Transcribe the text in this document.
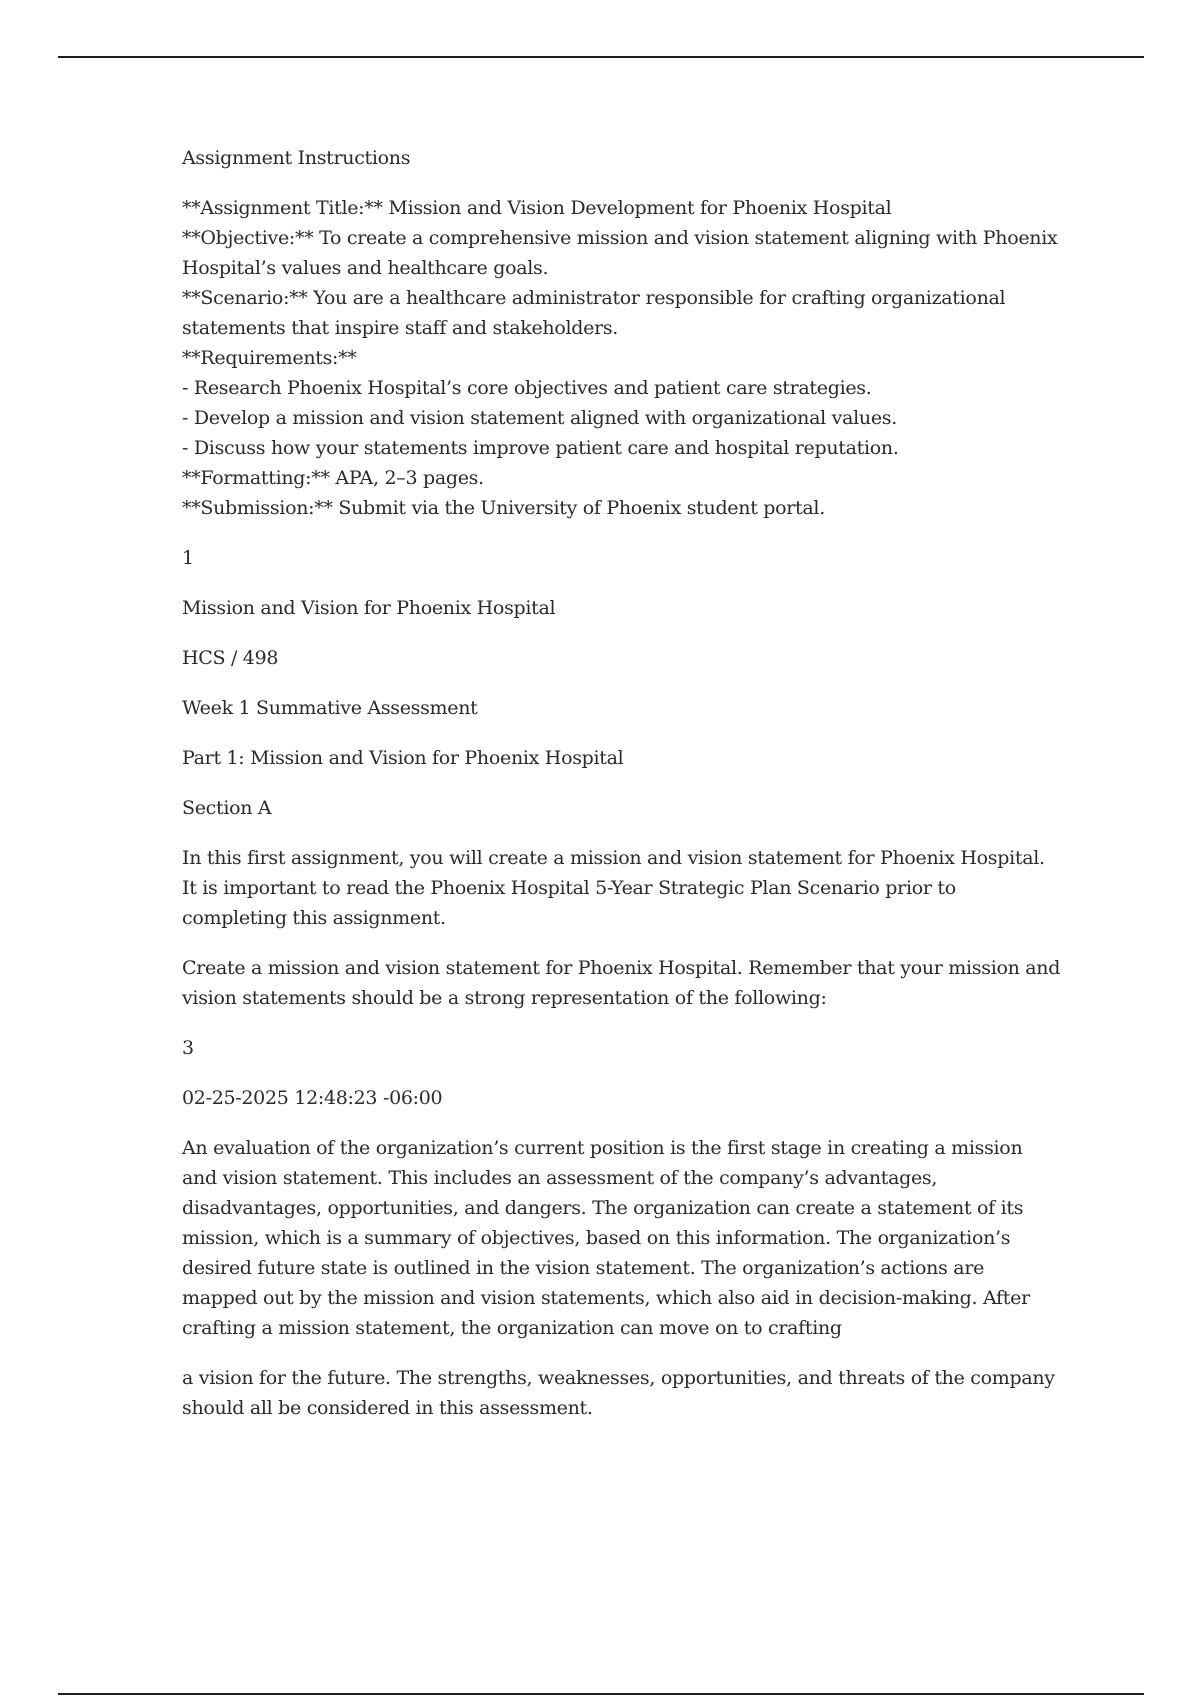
Assignment Instructions

**Assignment Title:** Mission and Vision Development for Phoenix Hospital
**Objective:** To create a comprehensive mission and vision statement aligning with Phoenix Hospital’s values and healthcare goals.
**Scenario:** You are a healthcare administrator responsible for crafting organizational statements that inspire staff and stakeholders.
**Requirements:**
- Research Phoenix Hospital’s core objectives and patient care strategies.
- Develop a mission and vision statement aligned with organizational values.
- Discuss how your statements improve patient care and hospital reputation.
**Formatting:** APA, 2–3 pages.
**Submission:** Submit via the University of Phoenix student portal.

1

Mission and Vision for Phoenix Hospital

HCS / 498

Week 1 Summative Assessment

Part 1: Mission and Vision for Phoenix Hospital

Section A

In this first assignment, you will create a mission and vision statement for Phoenix Hospital. It is important to read the Phoenix Hospital 5-Year Strategic Plan Scenario prior to completing this assignment.

Create a mission and vision statement for Phoenix Hospital. Remember that your mission and vision statements should be a strong representation of the following:

3

02-25-2025 12:48:23 -06:00

An evaluation of the organization’s current position is the first stage in creating a mission and vision statement. This includes an assessment of the company’s advantages, disadvantages, opportunities, and dangers. The organization can create a statement of its mission, which is a summary of objectives, based on this information. The organization’s desired future state is outlined in the vision statement. The organization’s actions are mapped out by the mission and vision statements, which also aid in decision-making. After crafting a mission statement, the organization can move on to crafting

a vision for the future. The strengths, weaknesses, opportunities, and threats of the company should all be considered in this assessment.
